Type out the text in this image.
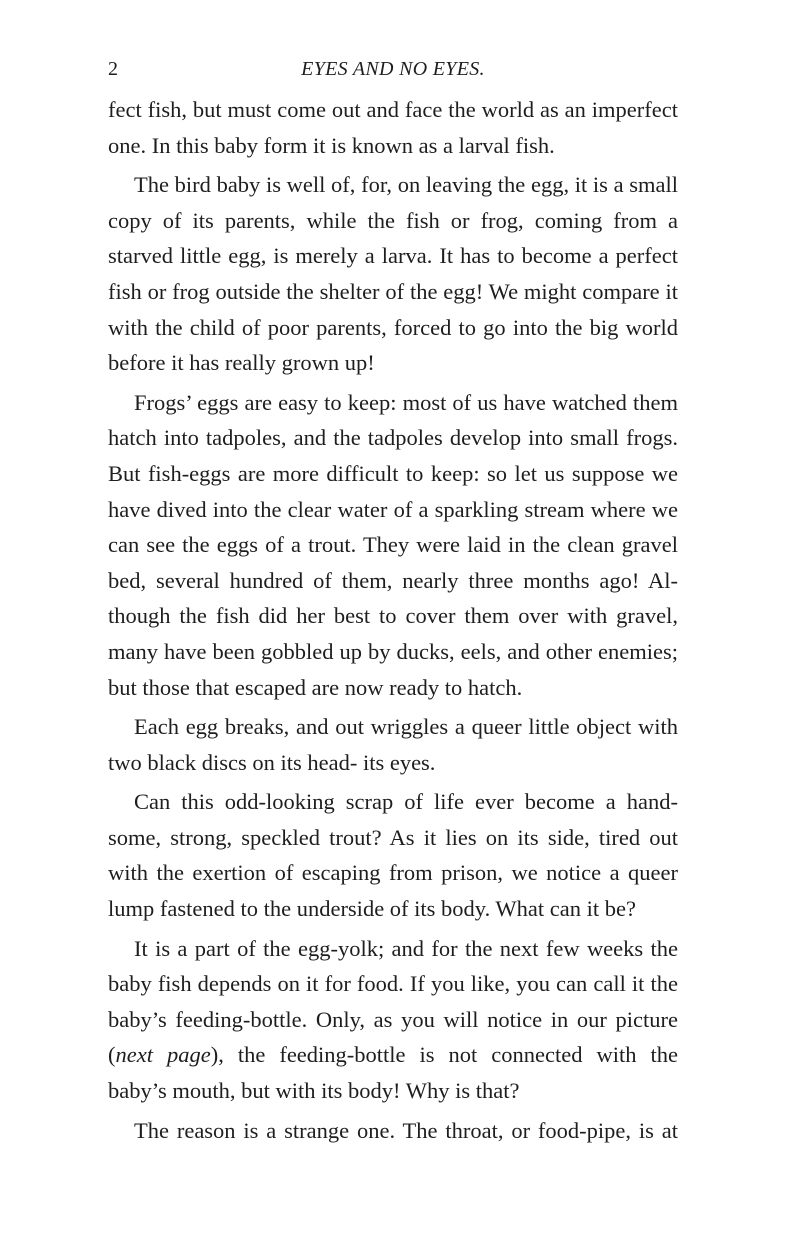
2	EYES AND NO EYES.
fect fish, but must come out and face the world as an imperfect
one. In this baby form it is known as a larval fish.
The bird baby is well of, for, on leaving the egg, it is a small
copy of its parents, while the fish or frog, coming from a
starved little egg, is merely a larva. It has to become a perfect
fish or frog outside the shelter of the egg! We might compare it
with the child of poor parents, forced to go into the big world
before it has really grown up!
Frogs’ eggs are easy to keep: most of us have watched them
hatch into tadpoles, and the tadpoles develop into small frogs.
But fish-eggs are more difficult to keep: so let us suppose we
have dived into the clear water of a sparkling stream where we
can see the eggs of a trout. They were laid in the clean gravel
bed, several hundred of them, nearly three months ago! Al-
though the fish did her best to cover them over with gravel,
many have been gobbled up by ducks, eels, and other enemies;
but those that escaped are now ready to hatch.
Each egg breaks, and out wriggles a queer little object with
two black discs on its head- its eyes.
Can this odd-looking scrap of life ever become a hand-
some, strong, speckled trout? As it lies on its side, tired out
with the exertion of escaping from prison, we notice a queer
lump fastened to the underside of its body. What can it be?
It is a part of the egg-yolk; and for the next few weeks the
baby fish depends on it for food. If you like, you can call it the
baby’s feeding-bottle. Only, as you will notice in our picture
(next page), the feeding-bottle is not connected with the
baby’s mouth, but with its body! Why is that?
The reason is a strange one. The throat, or food-pipe, is at
